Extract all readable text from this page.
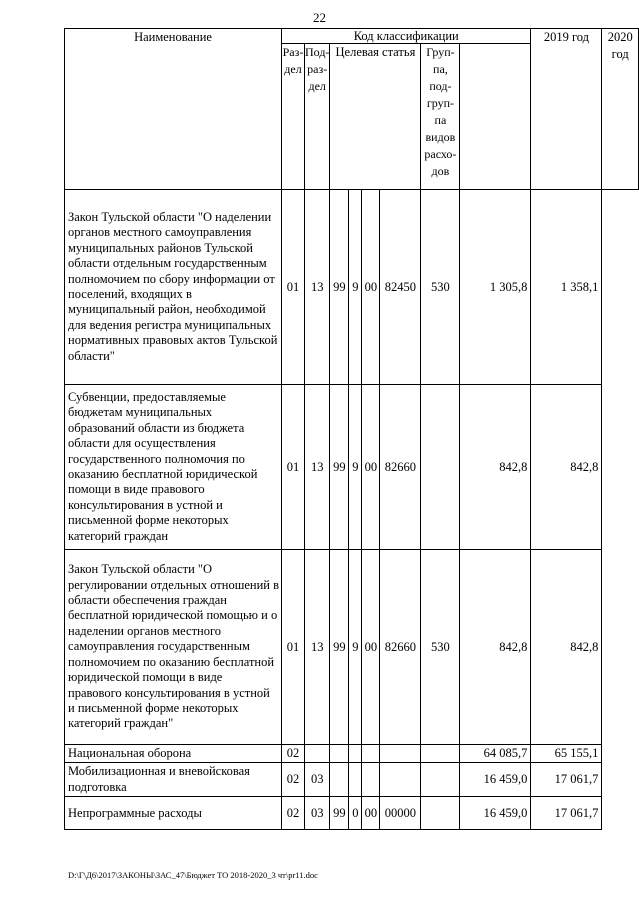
22
Наименование	Код классификации								2019 год	2020 год
	Раз-дел	Под-раз-дел	Целевая статья				Груп-па, под-груп-па видов расхо-дов			
Закон Тульской области "О наделении органов местного самоуправления муниципальных районов Тульской области отдельным государственным полномочием по сбору информации от поселений, входящих в муниципальный район, необходимой для ведения регистра муниципальных нормативных правовых актов Тульской области"	01	13	99	9	00	82450	530	1 305,8	1 358,1	
Субвенции, предоставляемые бюджетам муниципальных образований области из бюджета области для осуществления государственного полномочия по оказанию бесплатной юридической помощи в виде правового консультирования в устной и письменной форме некоторых категорий граждан	01	13	99	9	00	82660		842,8	842,8	
Закон Тульской области "О регулировании отдельных отношений в области обеспечения граждан бесплатной юридической помощью и о наделении органов местного самоуправления государственным полномочием по оказанию бесплатной юридической помощи в виде правового консультирования в устной и письменной форме некоторых категорий граждан"	01	13	99	9	00	82660	530	842,8	842,8	
Национальная оборона	02							64 085,7	65 155,1	
Мобилизационная и вневойсковая подготовка	02	03						16 459,0	17 061,7	
Непрограммные расходы	02	03	99	0	00	00000		16 459,0	17 061,7	
D:\Г\Д6\2017\ЗАКОНЫ\ЗАС_47\Бюджет ТО 2018-2020_3 чт\pr11.doc
